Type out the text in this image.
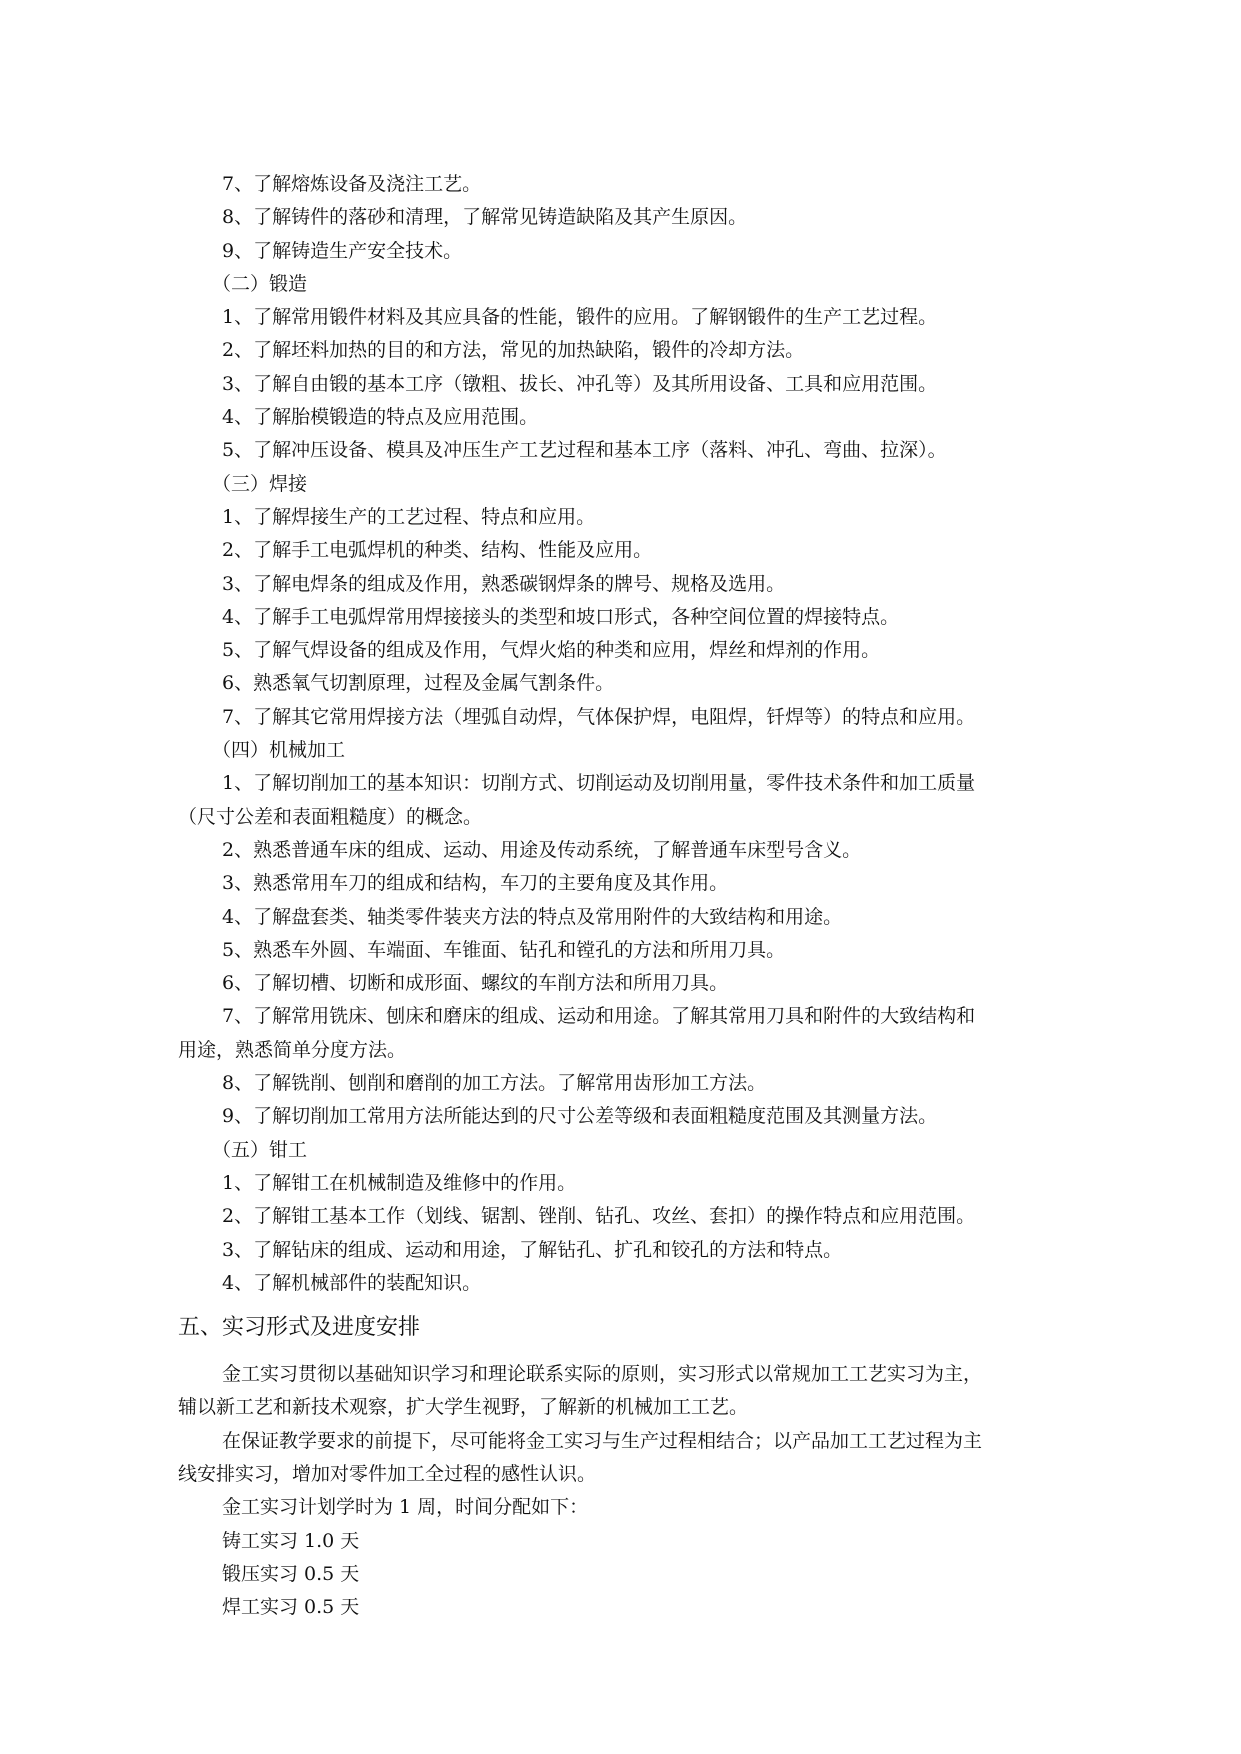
7、了解熔炼设备及浇注工艺。

8、了解铸件的落砂和清理，了解常见铸造缺陷及其产生原因。

9、了解铸造生产安全技术。

（二）锻造

1、了解常用锻件材料及其应具备的性能，锻件的应用。了解钢锻件的生产工艺过程。

2、了解坯料加热的目的和方法，常见的加热缺陷，锻件的冷却方法。

3、了解自由锻的基本工序（镦粗、拔长、冲孔等）及其所用设备、工具和应用范围。

4、了解胎模锻造的特点及应用范围。

5、了解冲压设备、模具及冲压生产工艺过程和基本工序（落料、冲孔、弯曲、拉深）。

（三）焊接

1、了解焊接生产的工艺过程、特点和应用。

2、了解手工电弧焊机的种类、结构、性能及应用。

3、了解电焊条的组成及作用，熟悉碳钢焊条的牌号、规格及选用。

4、了解手工电弧焊常用焊接接头的类型和坡口形式，各种空间位置的焊接特点。

5、了解气焊设备的组成及作用，气焊火焰的种类和应用，焊丝和焊剂的作用。

6、熟悉氧气切割原理，过程及金属气割条件。

7、了解其它常用焊接方法（埋弧自动焊，气体保护焊，电阻焊，钎焊等）的特点和应用。

（四）机械加工

1、了解切削加工的基本知识：切削方式、切削运动及切削用量，零件技术条件和加工质量

（尺寸公差和表面粗糙度）的概念。

2、熟悉普通车床的组成、运动、用途及传动系统，了解普通车床型号含义。

3、熟悉常用车刀的组成和结构，车刀的主要角度及其作用。

4、了解盘套类、轴类零件装夹方法的特点及常用附件的大致结构和用途。

5、熟悉车外圆、车端面、车锥面、钻孔和镗孔的方法和所用刀具。

6、了解切槽、切断和成形面、螺纹的车削方法和所用刀具。

7、了解常用铣床、刨床和磨床的组成、运动和用途。了解其常用刀具和附件的大致结构和

用途，熟悉简单分度方法。

8、了解铣削、刨削和磨削的加工方法。了解常用齿形加工方法。

9、了解切削加工常用方法所能达到的尺寸公差等级和表面粗糙度范围及其测量方法。

（五）钳工

1、了解钳工在机械制造及维修中的作用。

2、了解钳工基本工作（划线、锯割、锉削、钻孔、攻丝、套扣）的操作特点和应用范围。

3、了解钻床的组成、运动和用途，了解钻孔、扩孔和铰孔的方法和特点。

4、了解机械部件的装配知识。

五、实习形式及进度安排

金工实习贯彻以基础知识学习和理论联系实际的原则，实习形式以常规加工工艺实习为主，

辅以新工艺和新技术观察，扩大学生视野，了解新的机械加工工艺。

在保证教学要求的前提下，尽可能将金工实习与生产过程相结合；以产品加工工艺过程为主

线安排实习，增加对零件加工全过程的感性认识。

金工实习计划学时为 1 周，时间分配如下：

铸工实习 1.0 天

锻压实习 0.5 天

焊工实习 0.5 天
